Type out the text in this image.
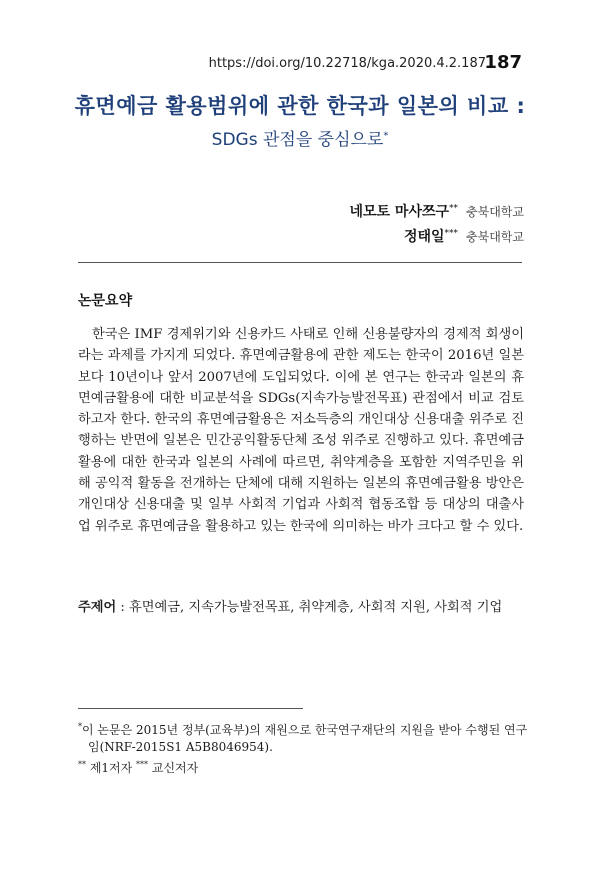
https://doi.org/10.22718/kga.2020.4.2.187
187
휴면예금 활용범위에 관한 한국과 일본의 비교 :
SDGs 관점을 중심으로*
네모토 마사쯔구** 충북대학교
정태일*** 충북대학교
논문요약

한국은 IMF 경제위기와 신용카드 사태로 인해 신용불량자의 경제적 회생이라는 과제를 가지게 되었다. 휴면예금활용에 관한 제도는 한국이 2016년 일본보다 10년이나 앞서 2007년에 도입되었다. 이에 본 연구는 한국과 일본의 휴면예금활용에 대한 비교분석을 SDGs(지속가능발전목표) 관점에서 비교 검토하고자 한다. 한국의 휴면예금활용은 저소득층의 개인대상 신용대출 위주로 진행하는 반면에 일본은 민간공익활동단체 조성 위주로 진행하고 있다. 휴면예금활용에 대한 한국과 일본의 사례에 따르면, 취약계층을 포함한 지역주민을 위해 공익적 활동을 전개하는 단체에 대해 지원하는 일본의 휴면예금활용 방안은 개인대상 신용대출 및 일부 사회적 기업과 사회적 협동조합 등 대상의 대출사업 위주로 휴면예금을 활용하고 있는 한국에 의미하는 바가 크다고 할 수 있다.

주제어 : 휴면예금, 지속가능발전목표, 취약계층, 사회적 지원, 사회적 기업

*이 논문은 2015년 정부(교육부)의 재원으로 한국연구재단의 지원을 받아 수행된 연구임(NRF-2015S1 A5B8046954).

** 제1저자 *** 교신저자
